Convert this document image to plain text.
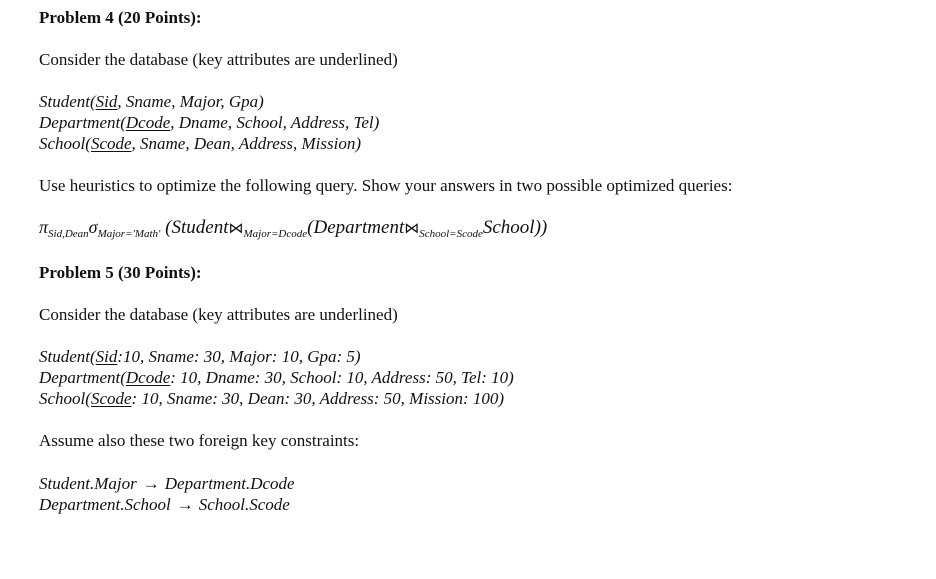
Problem 4 (20 Points):
Consider the database (key attributes are underlined)
Student(Sid, Sname, Major, Gpa)
Department(Dcode, Dname, School, Address, Tel)
School(Scode, Sname, Dean, Address, Mission)
Use heuristics to optimize the following query. Show your answers in two possible optimized queries:
$\pi_{Sid,Dean}\sigma_{Major='Math'}$ $(Student⋈_{Major=Dcode}(Department⋈_{School=Scode}School))$
Problem 5 (30 Points):
Consider the database (key attributes are underlined)
Student(Sid:10, Sname: 30, Major: 10, Gpa: 5)
Department(Dcode: 10, Dname: 30, School: 10, Address: 50, Tel: 10)
School(Scode: 10, Sname: 30, Dean: 30, Address: 50, Mission: 100)
Assume also these two foreign key constraints:
Student.Major → Department.Dcode
Department.School → School.Scode
